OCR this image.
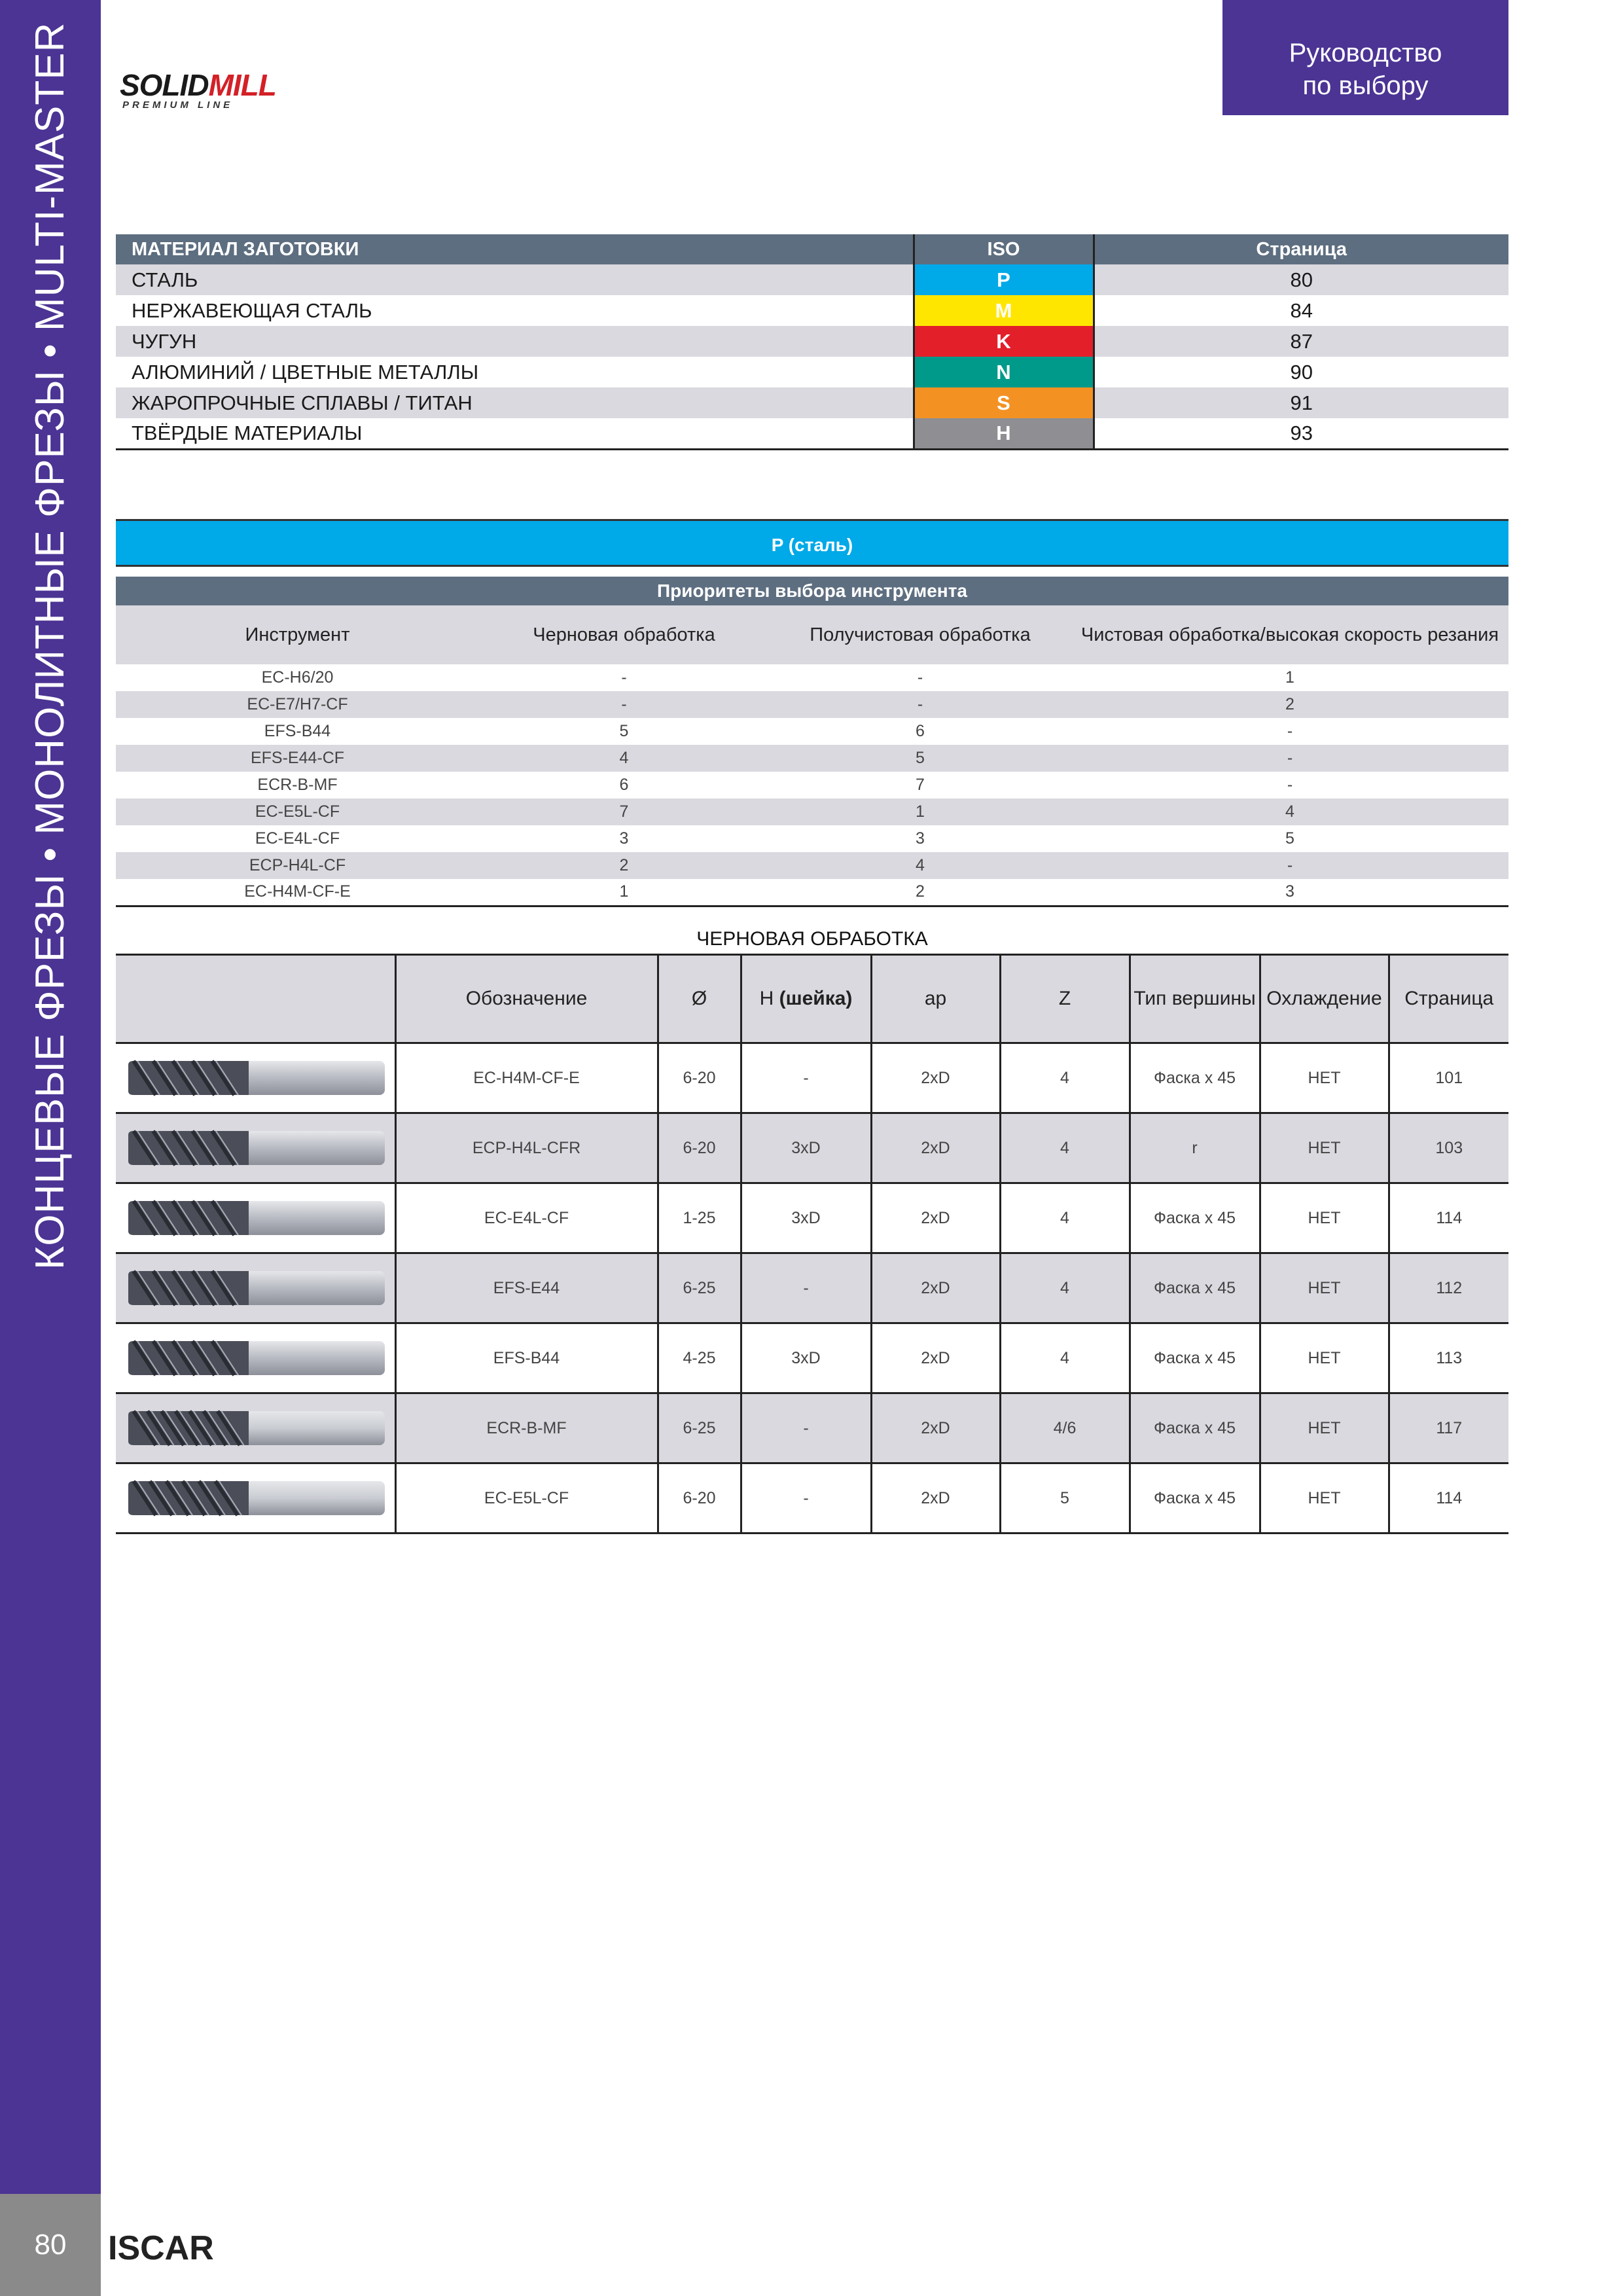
КОНЦЕВЫЕ ФРЕЗЫ • МОНОЛИТНЫЕ ФРЕЗЫ • MULTI-MASTER
80	ISCAR
SOLIDMILL
PREMIUM LINE
Руководство
по выбору
МАТЕРИАЛ ЗАГОТОВКИ	ISO	Страница
СТАЛЬ	P	80
НЕРЖАВЕЮЩАЯ СТАЛЬ	M	84
ЧУГУН	K	87
АЛЮМИНИЙ / ЦВЕТНЫЕ МЕТАЛЛЫ	N	90
ЖАРОПРОЧНЫЕ СПЛАВЫ / ТИТАН	S	91
ТВЁРДЫЕ МАТЕРИАЛЫ	H	93
P (сталь)
Приоритеты выбора инструмента			
Инструмент	Черновая обработка	Получистовая обработка	Чистовая обработка/высокая скорость резания
EC-H6/20	-	-	1
EC-E7/H7-CF	-	-	2
EFS-B44	5	6	-
EFS-E44-CF	4	5	-
ECR-B-MF	6	7	-
EC-E5L-CF	7	1	4
EC-E4L-CF	3	3	5
ECP-H4L-CF	2	4	-
EC-H4M-CF-E	1	2	3
ЧЕРНОВАЯ ОБРАБОТКА
	Обозначение	Ø	H (шейка)	ap	Z	Тип вершины	Охлаждение	Страница

	EC-H4M-CF-E	6-20	-	2xD	4	Фаска x 45	НЕТ	101

	ECP-H4L-CFR	6-20	3xD	2xD	4	r	НЕТ	103

	EC-E4L-CF	1-25	3xD	2xD	4	Фаска x 45	НЕТ	114

	EFS-E44	6-25	-	2xD	4	Фаска x 45	НЕТ	112

	EFS-B44	4-25	3xD	2xD	4	Фаска x 45	НЕТ	113

	ECR-B-MF	6-25	-	2xD	4/6	Фаска x 45	НЕТ	117

	EC-E5L-CF	6-20	-	2xD	5	Фаска x 45	НЕТ	114
